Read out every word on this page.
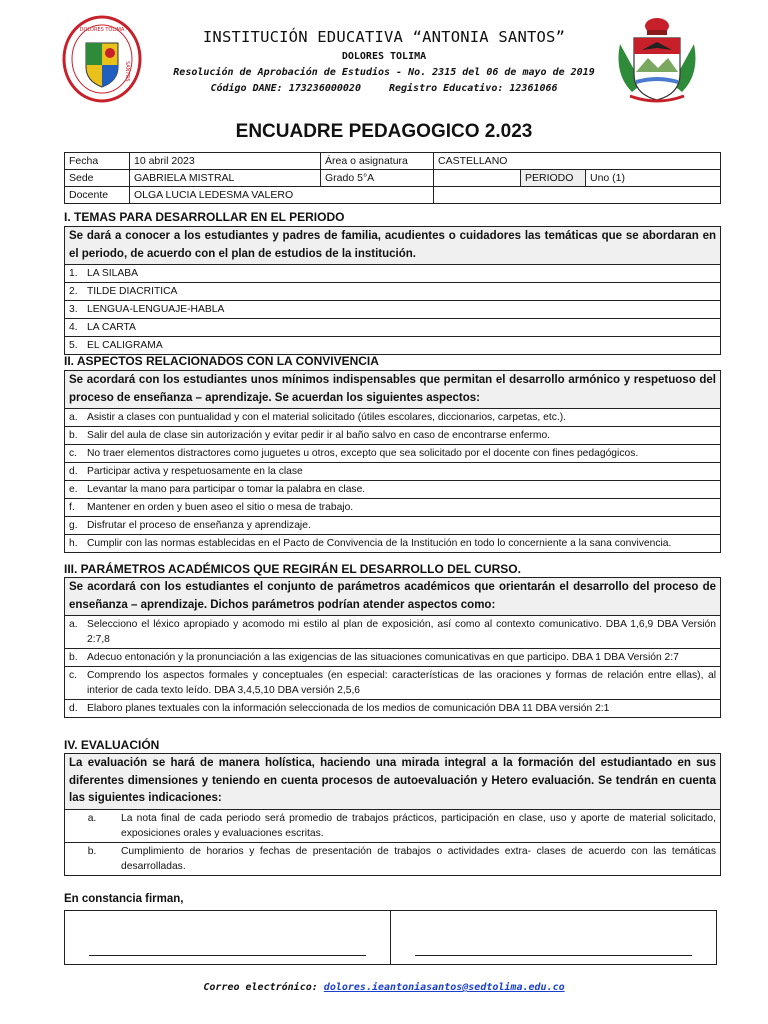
DOLORES TOLIMA
SANTOS
INSTITUCIÓN EDUCATIVA “ANTONIA SANTOS”
DOLORES TOLIMA
Resolución de Aprobación de Estudios - No. 2315 del 06 de mayo de 2019
Código DANE: 173236000020	Registro Educativo: 12361066
ENCUADRE PEDAGOGICO 2.023
Fecha	10 abril 2023	Área o asignatura	CASTELLANO		
Sede	GABRIELA MISTRAL	Grado 5°A		PERIODO	Uno (1)
Docente	OLGA LUCIA LEDESMA VALERO				
I. TEMAS PARA DESARROLLAR EN EL PERIODO
Se dará a conocer a los estudiantes y padres de familia, acudientes o cuidadores las temáticas que se abordaran en el periodo, de acuerdo con el plan de estudios de la institución.
1. LA SILABA
2. TILDE DIACRITICA
3. LENGUA-LENGUAJE-HABLA
4. LA CARTA
5. EL CALIGRAMA
II. ASPECTOS RELACIONADOS CON LA CONVIVENCIA
Se acordará con los estudiantes unos mínimos indispensables que permitan el desarrollo armónico y respetuoso del proceso de enseñanza – aprendizaje. Se acuerdan los siguientes aspectos:
a. Asistir a clases con puntualidad y con el material solicitado (útiles escolares, diccionarios, carpetas, etc.).
b. Salir del aula de clase sin autorización y evitar pedir ir al baño salvo en caso de encontrarse enfermo.
c. No traer elementos distractores como juguetes u otros, excepto que sea solicitado por el docente con fines pedagógicos.
d. Participar activa y respetuosamente en la clase
e. Levantar la mano para participar o tomar la palabra en clase.
f.	Mantener en orden y buen aseo el sitio o mesa de trabajo.
g. Disfrutar el proceso de enseñanza y aprendizaje.
h. Cumplir con las normas establecidas en el Pacto de Convivencia de la Institución en todo lo concerniente a la sana convivencia.
III. PARÁMETROS ACADÉMICOS QUE REGIRÁN EL DESARROLLO DEL CURSO.
Se acordará con los estudiantes el conjunto de parámetros académicos que orientarán el desarrollo del proceso de enseñanza – aprendizaje. Dichos parámetros podrían atender aspectos como:
a. Selecciono el léxico apropiado y acomodo mi estilo al plan de exposición, así como al contexto comunicativo. DBA 1,6,9 DBA Versión 2:7,8
b. Adecuo entonación y la pronunciación a las exigencias de las situaciones comunicativas en que participo. DBA 1 DBA Versión 2:7
c. Comprendo los aspectos formales y conceptuales (en especial: características de las oraciones y formas de relación entre ellas), al interior de cada texto leído. DBA 3,4,5,10 DBA versión 2,5,6
d. Elaboro planes textuales con la información seleccionada de los medios de comunicación DBA 11 DBA versión 2:1
IV. EVALUACIÓN
La evaluación se hará de manera holística, haciendo una mirada integral a la formación del estudiantado en sus diferentes dimensiones y teniendo en cuenta procesos de autoevaluación y Hetero evaluación. Se tendrán en cuenta las siguientes indicaciones:
a.	La nota final de cada periodo será promedio de trabajos prácticos, participación en clase, uso y aporte de material solicitado, exposiciones orales y evaluaciones escritas.
b.	Cumplimiento de horarios y fechas de presentación de trabajos o actividades extra- clases de acuerdo con las temáticas desarrolladas.
En constancia firman,
Correo electrónico: dolores.ieantoniasantos@sedtolima.edu.co
